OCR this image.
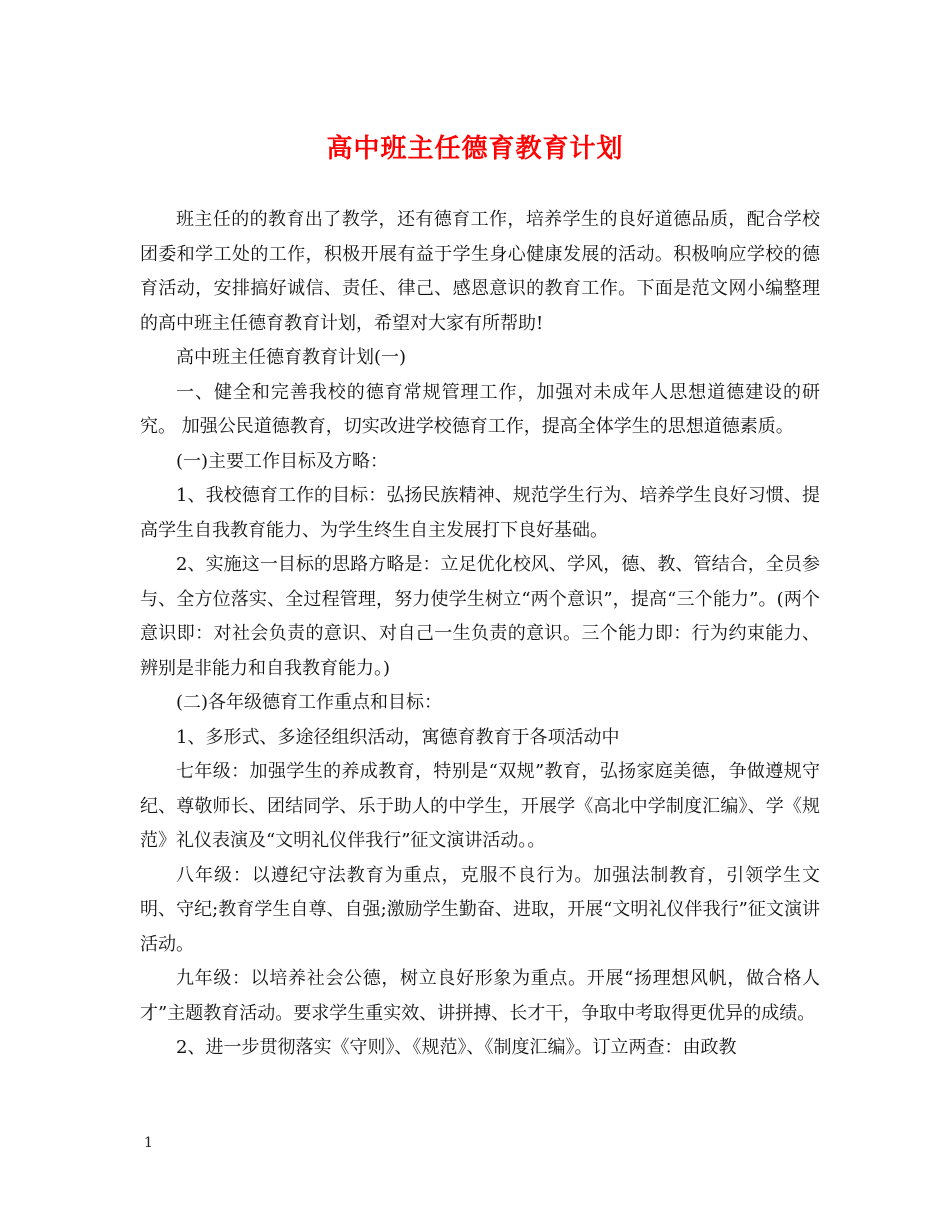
高中班主任德育教育计划

班主任的的教育出了教学，还有德育工作，培养学生的良好道德品质，配合学校团委和学工处的工作，积极开展有益于学生身心健康发展的活动。积极响应学校的德育活动，安排搞好诚信、责任、律己、感恩意识的教育工作。下面是范文网小编整理的高中班主任德育教育计划，希望对大家有所帮助!

高中班主任德育教育计划(一)

一、健全和完善我校的德育常规管理工作，加强对未成年人思想道德建设的研究。 加强公民道德教育，切实改进学校德育工作，提高全体学生的思想道德素质。

(一)主要工作目标及方略：

1、我校德育工作的目标：弘扬民族精神、规范学生行为、培养学生良好习惯、提高学生自我教育能力、为学生终生自主发展打下良好基础。

2、实施这一目标的思路方略是：立足优化校风、学风，德、教、管结合，全员参与、全方位落实、全过程管理，努力使学生树立“两个意识”，提高“三个能力”。(两个意识即：对社会负责的意识、对自己一生负责的意识。三个能力即：行为约束能力、辨别是非能力和自我教育能力。)

(二)各年级德育工作重点和目标：

1、多形式、多途径组织活动，寓德育教育于各项活动中

七年级：加强学生的养成教育，特别是“双规”教育，弘扬家庭美德，争做遵规守纪、尊敬师长、团结同学、乐于助人的中学生，开展学《高北中学制度汇编》、学《规范》礼仪表演及“文明礼仪伴我行”征文演讲活动。。

八年级：以遵纪守法教育为重点，克服不良行为。加强法制教育，引领学生文明、守纪;教育学生自尊、自强;激励学生勤奋、进取，开展“文明礼仪伴我行”征文演讲活动。

九年级：以培养社会公德，树立良好形象为重点。开展“扬理想风帆，做合格人才”主题教育活动。要求学生重实效、讲拼搏、长才干，争取中考取得更优异的成绩。

2、进一步贯彻落实《守则》、《规范》、《制度汇编》。订立两查：由政教

1
